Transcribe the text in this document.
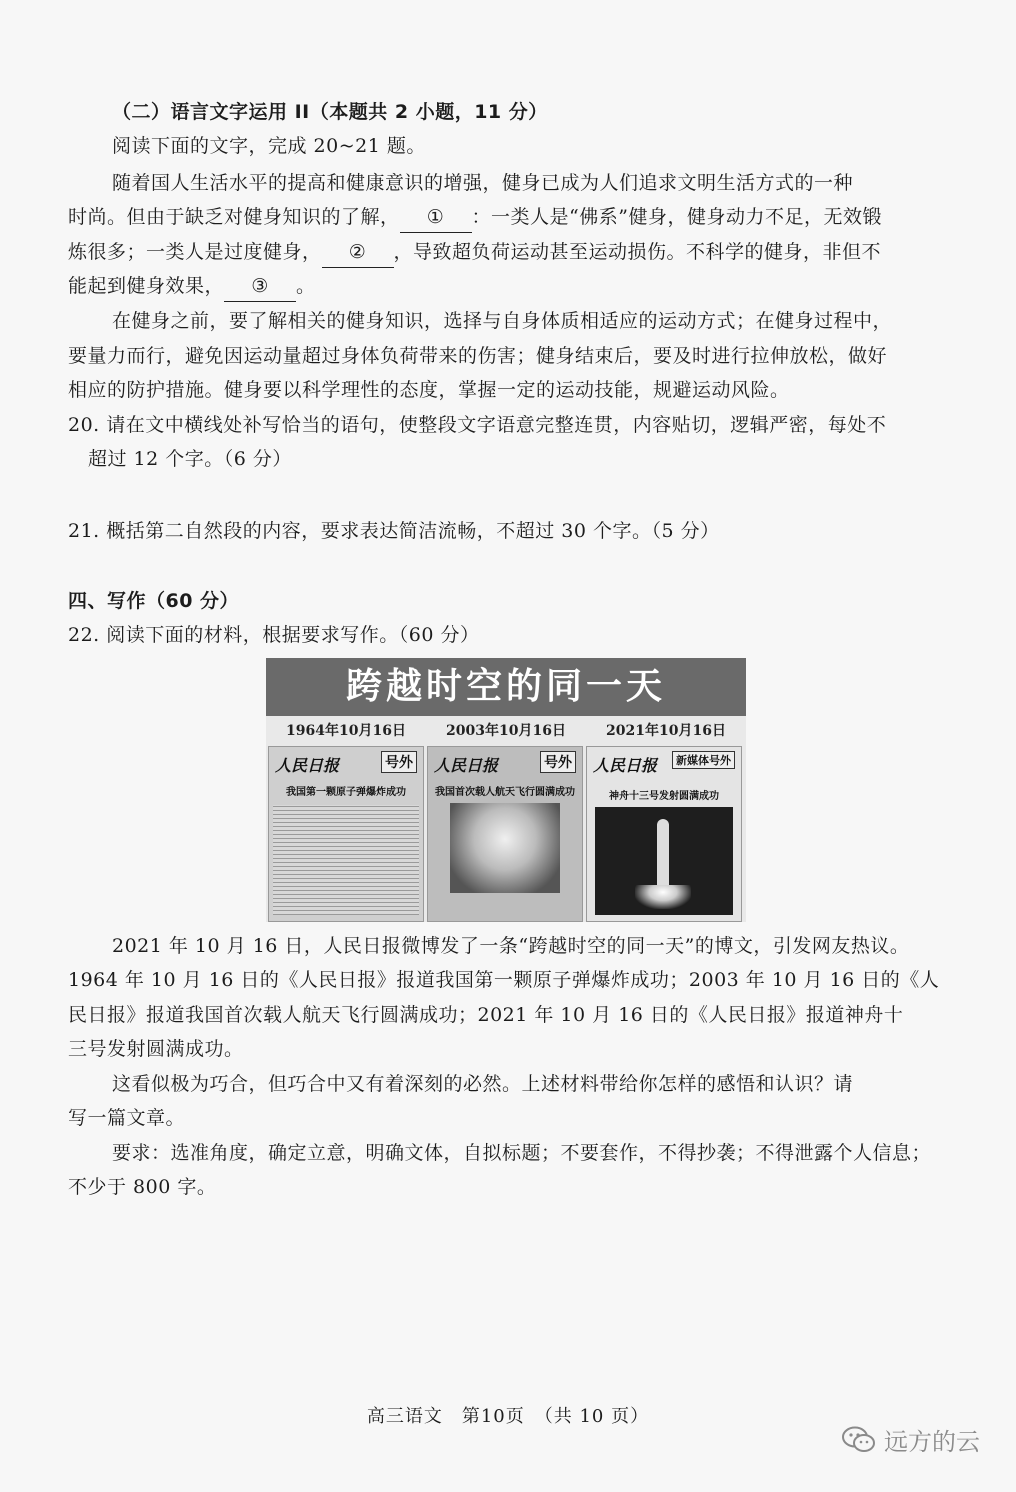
（二）语言文字运用 II（本题共 2 小题，11 分）
阅读下面的文字，完成 20~21 题。
随着国人生活水平的提高和健康意识的增强，健身已成为人们追求文明生活方式的一种
时尚。但由于缺乏对健身知识的了解， ① ：一类人是“佛系”健身，健身动力不足，无效锻
炼很多；一类人是过度健身， ② ，导致超负荷运动甚至运动损伤。不科学的健身，非但不
能起到健身效果， ③ 。
在健身之前，要了解相关的健身知识，选择与自身体质相适应的运动方式；在健身过程中，
要量力而行，避免因运动量超过身体负荷带来的伤害；健身结束后，要及时进行拉伸放松，做好
相应的防护措施。健身要以科学理性的态度，掌握一定的运动技能，规避运动风险。
20. 请在文中横线处补写恰当的语句，使整段文字语意完整连贯，内容贴切，逻辑严密，每处不
超过 12 个字。（6 分）
21. 概括第二自然段的内容，要求表达简洁流畅，不超过 30 个字。（5 分）
四、写作（60 分）
22. 阅读下面的材料，根据要求写作。（60 分）
跨越时空的同一天
1964年10月16日	2003年10月16日	2021年10月16日
人民日报	号外
我国第一颗原子弹爆炸成功
人民日报	号外
我国首次载人航天飞行圆满成功
人民日报	新媒体号外
神舟十三号发射圆满成功
2021 年 10 月 16 日，人民日报微博发了一条“跨越时空的同一天”的博文，引发网友热议。
1964 年 10 月 16 日的《人民日报》报道我国第一颗原子弹爆炸成功；2003 年 10 月 16 日的《人
民日报》报道我国首次载人航天飞行圆满成功；2021 年 10 月 16 日的《人民日报》报道神舟十
三号发射圆满成功。
这看似极为巧合，但巧合中又有着深刻的必然。上述材料带给你怎样的感悟和认识？请
写一篇文章。
要求：选准角度，确定立意，明确文体，自拟标题；不要套作，不得抄袭；不得泄露个人信息；
不少于 800 字。
高三语文　第10页　（共 10 页）
远方的云
